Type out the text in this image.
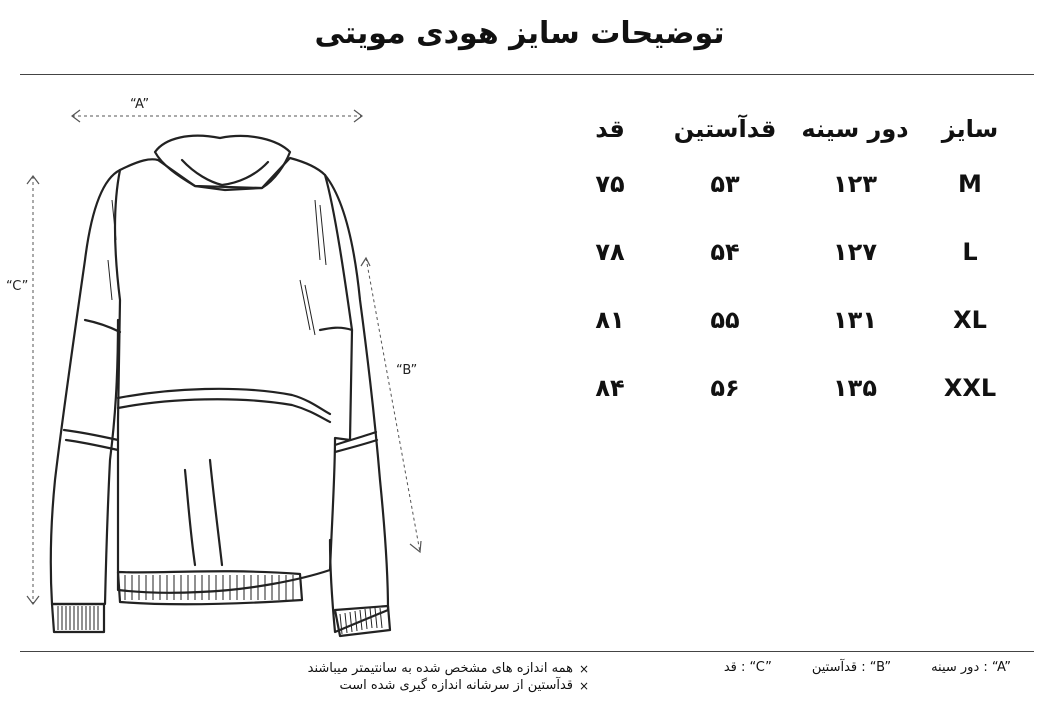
توضیحات سایز هودی مویتی
“A”
“C”
“B”
سایز
دور سینه
قدآستین
قد
M
۱۲۳
۵۳
۷۵
L
۱۲۷
۵۴
۷۸
XL
۱۳۱
۵۵
۸۱
XXL
۱۳۵
۵۶
۸۴
×
همه اندازه های مشخص شده به سانتیمتر میباشند
×
قدآستین از سرشانه اندازه گیری شده است
“A” : دور سینه
“B” : قدآستین
“C” : قد
